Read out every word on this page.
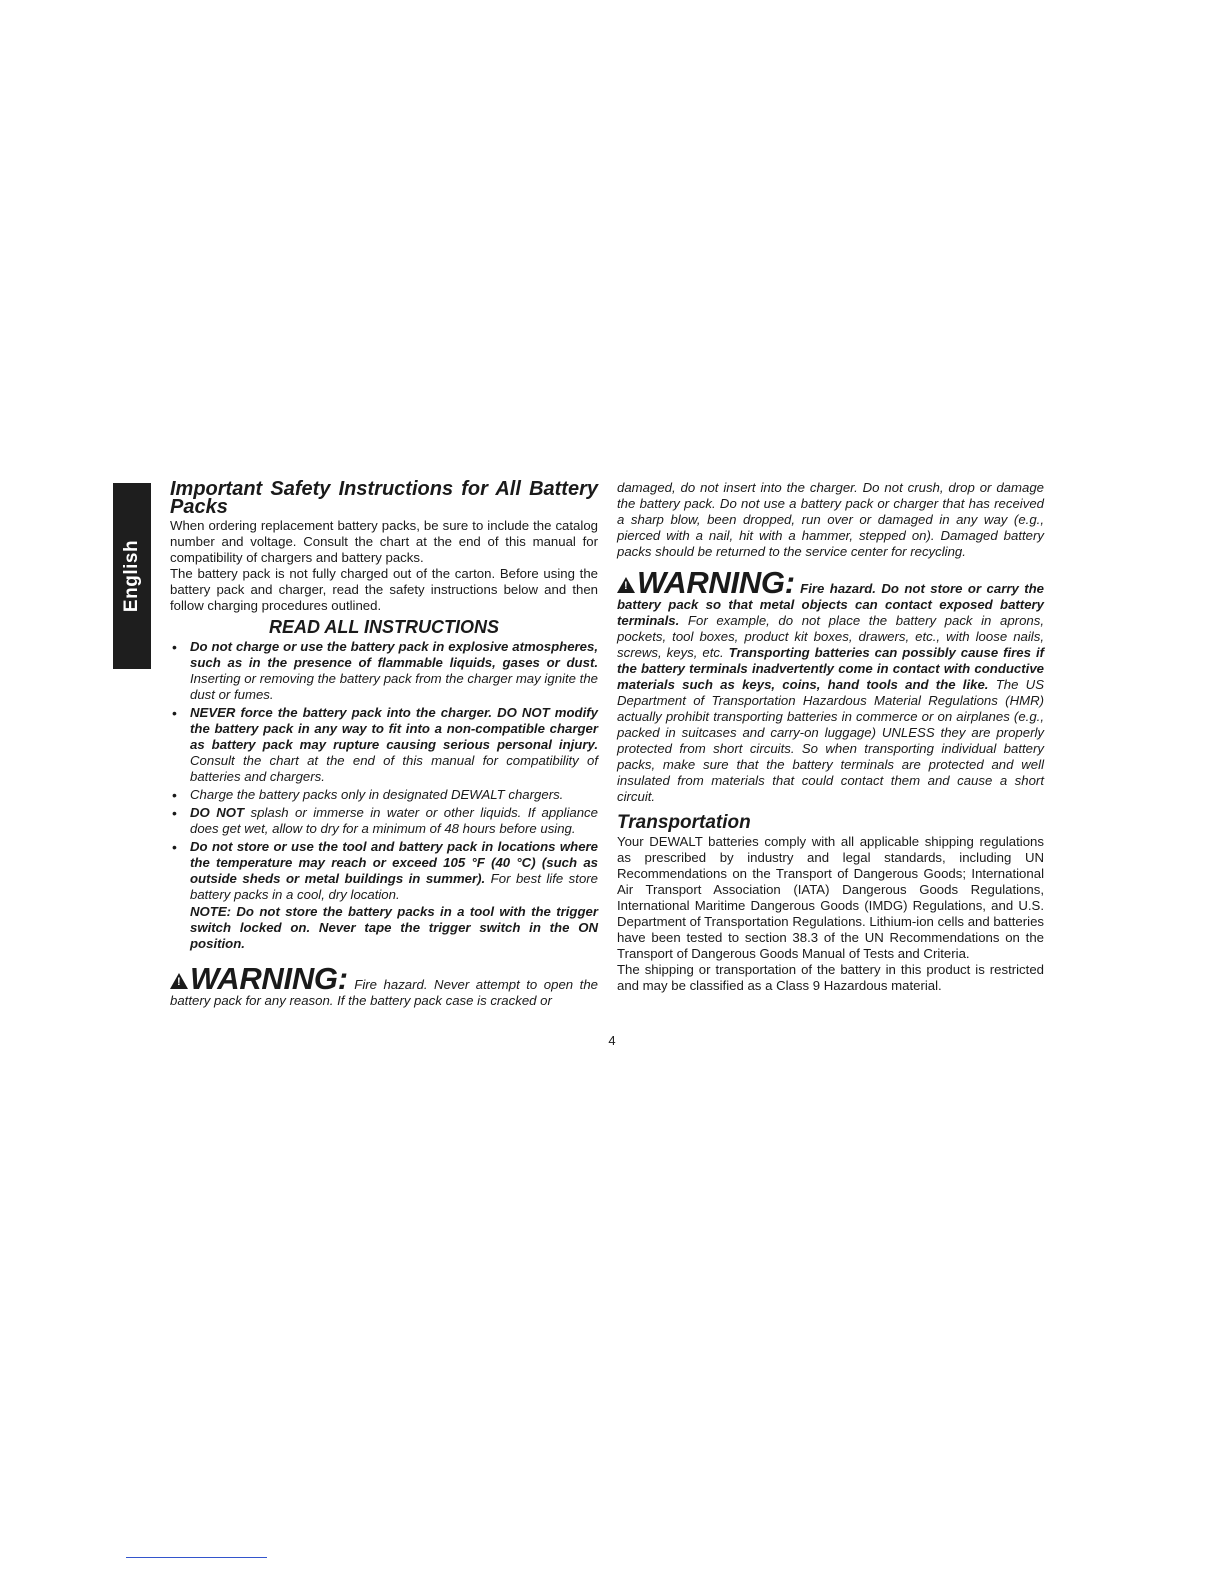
English
Important Safety Instructions for All Battery Packs

When ordering replacement battery packs, be sure to include the catalog number and voltage. Consult the chart at the end of this manual for compatibility of chargers and battery packs.

The battery pack is not fully charged out of the carton. Before using the battery pack and charger, read the safety instructions below and then follow charging procedures outlined.

READ ALL INSTRUCTIONS
• Do not charge or use the battery pack in explosive atmospheres, such as in the presence of flammable liquids, gases or dust. Inserting or removing the battery pack from the charger may ignite the dust or fumes.
• NEVER force the battery pack into the charger. DO NOT modify the battery pack in any way to fit into a non-compatible charger as battery pack may rupture causing serious personal injury. Consult the chart at the end of this manual for compatibility of batteries and chargers.
• Charge the battery packs only in designated DEWALT chargers.
• DO NOT splash or immerse in water or other liquids. If appliance does get wet, allow to dry for a minimum of 48 hours before using.
• Do not store or use the tool and battery pack in locations where the temperature may reach or exceed 105 °F (40 °C) (such as outside sheds or metal buildings in summer). For best life store battery packs in a cool, dry location.

NOTE: Do not store the battery packs in a tool with the trigger switch locked on. Never tape the trigger switch in the ON position.

!WARNING: Fire hazard. Never attempt to open the battery pack for any reason. If the battery pack case is cracked or

damaged, do not insert into the charger. Do not crush, drop or damage the battery pack. Do not use a battery pack or charger that has received a sharp blow, been dropped, run over or damaged in any way (e.g., pierced with a nail, hit with a hammer, stepped on). Damaged battery packs should be returned to the service center for recycling.

!WARNING: Fire hazard. Do not store or carry the battery pack so that metal objects can contact exposed battery terminals. For example, do not place the battery pack in aprons, pockets, tool boxes, product kit boxes, drawers, etc., with loose nails, screws, keys, etc. Transporting batteries can possibly cause fires if the battery terminals inadvertently come in contact with conductive materials such as keys, coins, hand tools and the like. The US Department of Transportation Hazardous Material Regulations (HMR) actually prohibit transporting batteries in commerce or on airplanes (e.g., packed in suitcases and carry-on luggage) UNLESS they are properly protected from short circuits. So when transporting individual battery packs, make sure that the battery terminals are protected and well insulated from materials that could contact them and cause a short circuit.

Transportation

Your DEWALT batteries comply with all applicable shipping regulations as prescribed by industry and legal standards, including UN Recommendations on the Transport of Dangerous Goods; International Air Transport Association (IATA) Dangerous Goods Regulations, International Maritime Dangerous Goods (IMDG) Regulations, and U.S. Department of Transportation Regulations. Lithium-ion cells and batteries have been tested to section 38.3 of the UN Recommendations on the Transport of Dangerous Goods Manual of Tests and Criteria.

The shipping or transportation of the battery in this product is restricted and may be classified as a Class 9 Hazardous material.

4
